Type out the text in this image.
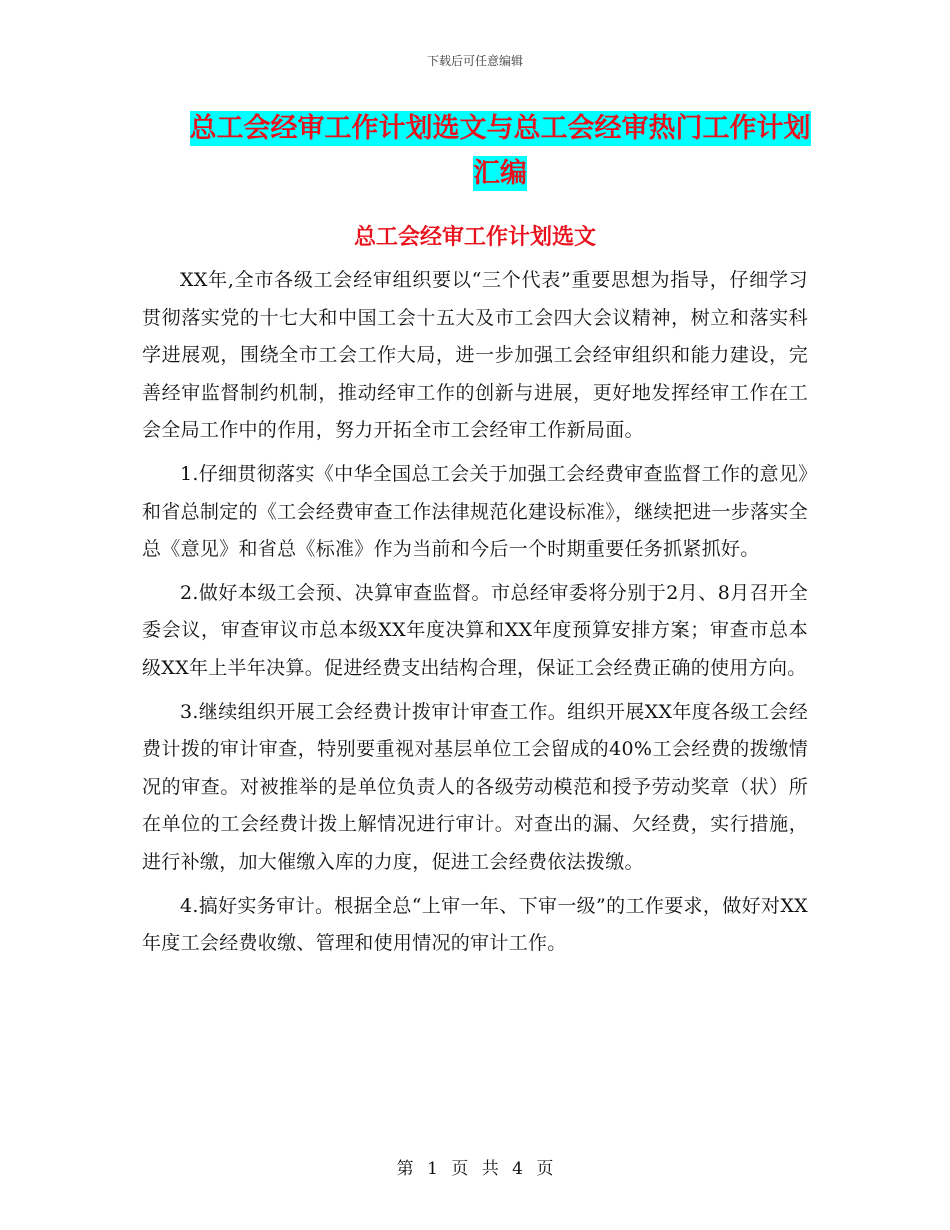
下载后可任意编辑
总工会经审工作计划选文与总工会经审热门工作计划
汇编
总工会经审工作计划选文

XX年,全市各级工会经审组织要以“三个代表”重要思想为指导，仔细学习贯彻落实党的十七大和中国工会十五大及市工会四大会议精神，树立和落实科学进展观，围绕全市工会工作大局，进一步加强工会经审组织和能力建设，完善经审监督制约机制，推动经审工作的创新与进展，更好地发挥经审工作在工会全局工作中的作用，努力开拓全市工会经审工作新局面。

1.仔细贯彻落实《中华全国总工会关于加强工会经费审查监督工作的意见》和省总制定的《工会经费审查工作法律规范化建设标准》，继续把进一步落实全总《意见》和省总《标准》作为当前和今后一个时期重要任务抓紧抓好。

2.做好本级工会预、决算审查监督。市总经审委将分别于2月、8月召开全委会议，审查审议市总本级XX年度决算和XX年度预算安排方案；审查市总本级XX年上半年决算。促进经费支出结构合理，保证工会经费正确的使用方向。

3.继续组织开展工会经费计拨审计审查工作。组织开展XX年度各级工会经费计拨的审计审查，特别要重视对基层单位工会留成的40%工会经费的拨缴情况的审查。对被推举的是单位负责人的各级劳动模范和授予劳动奖章（状）所在单位的工会经费计拨上解情况进行审计。对查出的漏、欠经费，实行措施，进行补缴，加大催缴入库的力度，促进工会经费依法拨缴。

4.搞好实务审计。根据全总“上审一年、下审一级”的工作要求，做好对XX年度工会经费收缴、管理和使用情况的审计工作。

第 1 页 共 4 页
